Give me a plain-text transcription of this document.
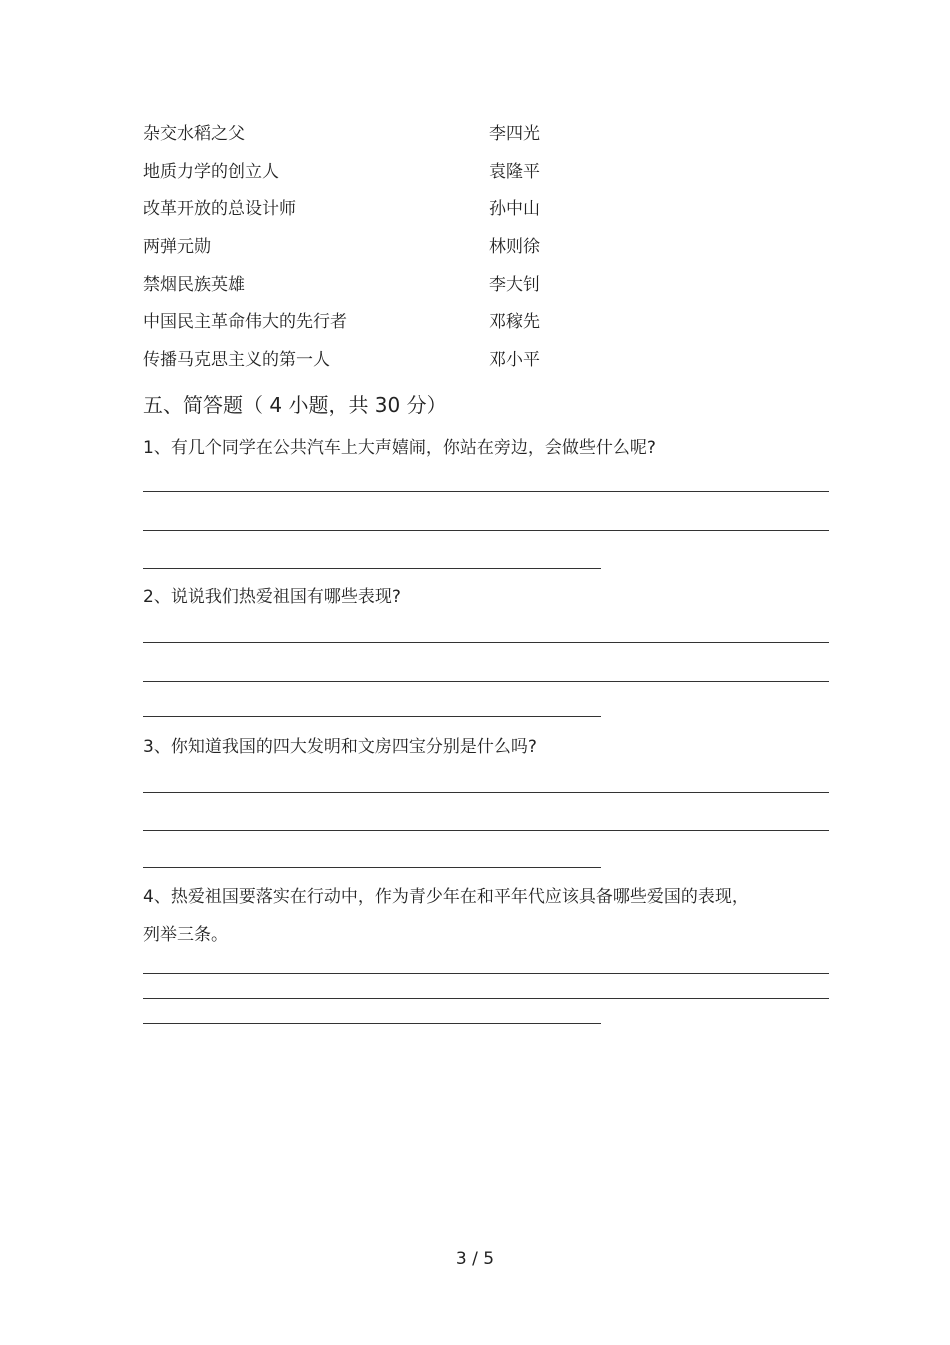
杂交水稻之父	李四光
地质力学的创立人	袁隆平
改革开放的总设计师	孙中山
两弹元勋	林则徐
禁烟民族英雄	李大钊
中国民主革命伟大的先行者	邓稼先
传播马克思主义的第一人	邓小平
五、简答题（ 4 小题，共 30 分）
1、有几个同学在公共汽车上大声嬉闹，你站在旁边，会做些什么呢?
2、说说我们热爱祖国有哪些表现?
3、你知道我国的四大发明和文房四宝分别是什么吗?
4、热爱祖国要落实在行动中，作为青少年在和平年代应该具备哪些爱国的表现，列举三条。
3 / 5
